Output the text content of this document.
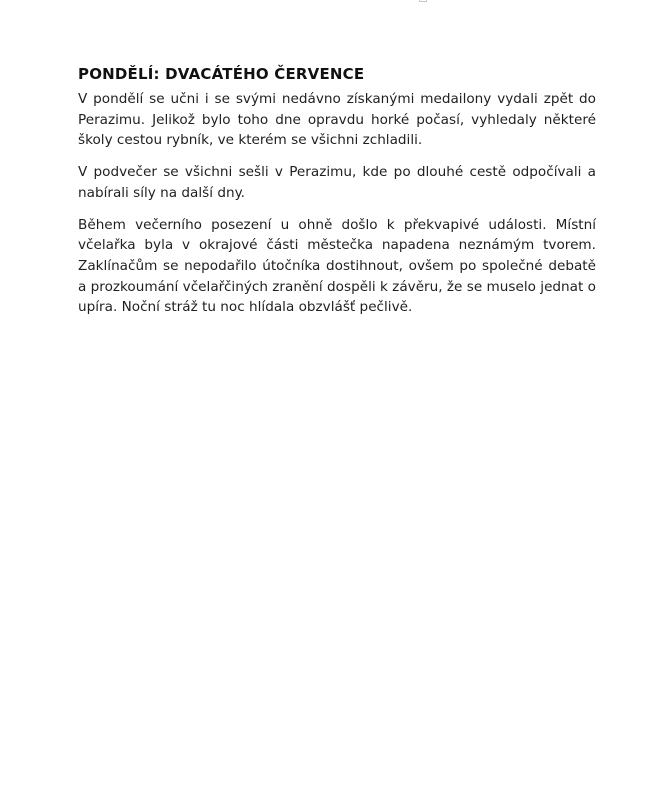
PONDĚLÍ: DVACÁTÉHO ČERVENCE

V pondělí se učni i se svými nedávno získanými medailony vydali zpět do Perazimu. Jelikož bylo toho dne opravdu horké počasí, vyhledaly některé školy cestou rybník, ve kterém se všichni zchladili.

V podvečer se všichni sešli v Perazimu, kde po dlouhé cestě odpočívali a nabírali síly na další dny.

Během večerního posezení u ohně došlo k překvapivé události. Místní včelařka byla v okrajové části městečka napadena neznámým tvorem. Zaklínačům se nepodařilo útočníka dostihnout, ovšem po společné debatě a prozkoumání včelařčiných zranění dospěli k závěru, že se muselo jednat o upíra. Noční stráž tu noc hlídala obzvlášť pečlivě.
